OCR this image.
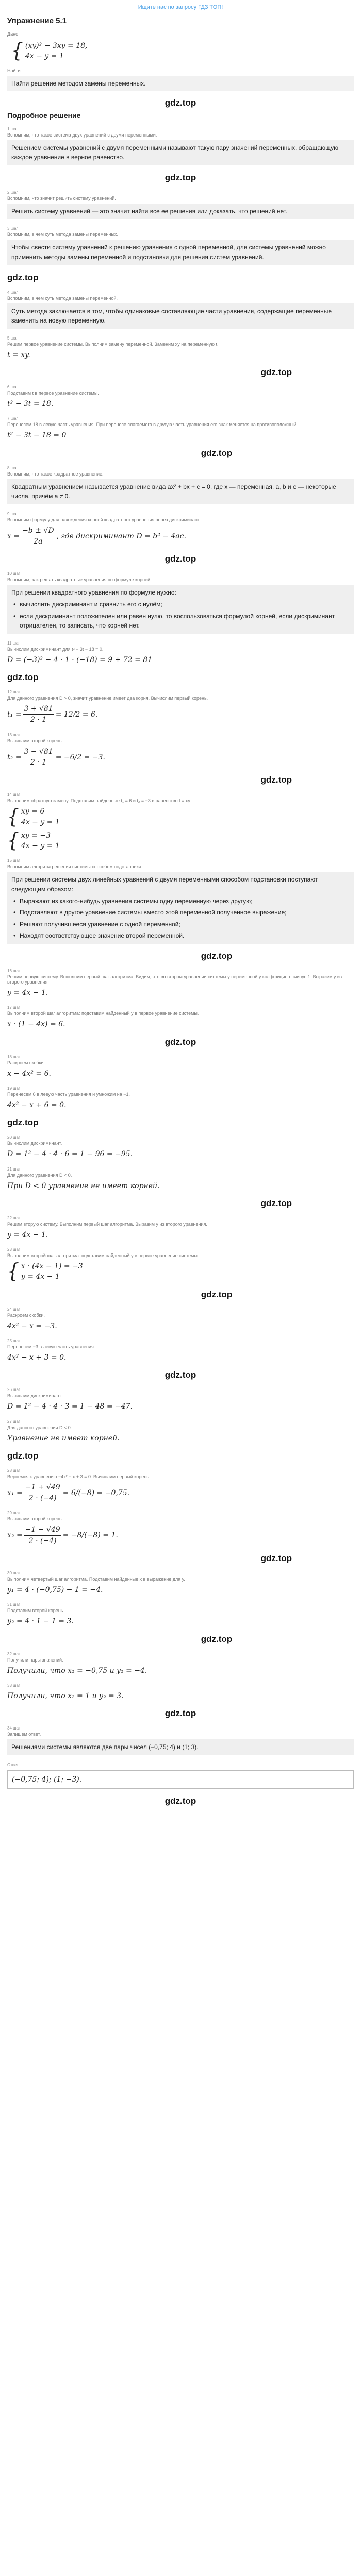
Ищите нас по запросу ГДЗ ТОП!
Упражнение 5.1
Дано
{ (xy)² − 3xy = 18,
4x − y = 1
Найти
Найти решение методом замены переменных.
gdz.top
Подробное решение
1 шаг
Вспомним, что такое система двух уравнений с двумя переменными.
Решением системы уравнений с двумя переменными называют такую пару значений переменных, обращающую каждое уравнение в верное равенство.
gdz.top
2 шаг
Вспомним, что значит решить систему уравнений.
Решить систему уравнений — это значит найти все ее решения или доказать, что решений нет.
3 шаг
Вспомним, в чем суть метода замены переменных.
Чтобы свести систему уравнений к решению уравнения с одной переменной, для системы уравнений можно применить методы замены переменной и подстановки для решения систем уравнений.
gdz.top
4 шаг
Вспомним, в чем суть метода замены переменной.
Суть метода заключается в том, чтобы одинаковые составляющие части уравнения, содержащие переменные заменить на новую переменную.
5 шаг
Решим первое уравнение системы. Выполним замену переменной. Заменим xy на переменную t.
t = xy.
gdz.top
6 шаг
Подставим t в первое уравнение системы.
t² − 3t = 18.
7 шаг
Перенесем 18 в левую часть уравнения. При переносе слагаемого в другую часть уравнения его знак меняется на противоположный.
t² − 3t − 18 = 0
gdz.top
8 шаг
Вспомним, что такое квадратное уравнение.
Квадратным уравнением называется уравнение вида ax² + bx + c = 0, где x — переменная, a, b и c — некоторые числа, причём a ≠ 0.
9 шаг
Вспомним формулу для нахождения корней квадратного уравнения через дискриминант.
$x = \frac{-b \pm √D}{2a}$ , где дискриминант D = b² − 4ac.
gdz.top
10 шаг
Вспомним, как решать квадратные уравнения по формуле корней.
При решении квадратного уравнения по формуле нужно:
• вычислить дискриминант и сравнить его с нулём;
• если дискриминант положителен или равен нулю, то воспользоваться формулой корней, если дискриминант отрицателен, то записать, что корней нет.
11 шаг
Вычислим дискриминант для t² − 3t − 18 = 0.
D = (−3)² − 4 · 1 · (−18) = 9 + 72 = 81
gdz.top
12 шаг
Для данного уравнения D > 0, значит уравнение имеет два корня. Вычислим первый корень.
$t_1 = \frac{3 + √81}{2 \cdot 1} = 12/2 = 6$.
13 шаг
Вычислим второй корень.
$t_2 = \frac{3 - √81}{2 \cdot 1} = -6/2 = -3$.
gdz.top
14 шаг
Выполним обратную замену. Подставим найденные t₁ = 6 и t₂ = −3 в равенство t = xy.
{ xy = 6
4x − y = 1
{ xy = −3
4x − y = 1
15 шаг
Вспомним алгоритм решения системы способом подстановки.
При решении системы двух линейных уравнений с двумя переменными способом подстановки поступают следующим образом:
• Выражают из какого-нибудь уравнения системы одну переменную через другую;
• Подставляют в другое уравнение системы вместо этой переменной полученное выражение;
• Решают получившееся уравнение с одной переменной;
• Находят соответствующее значение второй переменной.
gdz.top
16 шаг
Решим первую систему. Выполним первый шаг алгоритма. Видим, что во втором уравнении системы у переменной y коэффициент минус 1. Выразим y из второго уравнения.
y = 4x − 1.
17 шаг
Выполним второй шаг алгоритма: подставим найденный y в первое уравнение системы.
x · (1 − 4x) = 6.
gdz.top
18 шаг
Раскроем скобки.
x − 4x² = 6.
19 шаг
Перенесем 6 в левую часть уравнения и умножим на −1.
4x² − x + 6 = 0.
gdz.top
20 шаг
Вычислим дискриминант.
D = 1² − 4 · 4 · 6 = 1 − 96 = −95.
21 шаг
Для данного уравнения D < 0.
При D < 0 уравнение не имеет корней.
gdz.top
22 шаг
Решим вторую систему. Выполним первый шаг алгоритма. Выразим y из второго уравнения.
y = 4x − 1.
23 шаг
Выполним второй шаг алгоритма: подставим найденный y в первое уравнение системы.
{ x · (4x − 1) = −3
y = 4x − 1
gdz.top
24 шаг
Раскроем скобки.
4x² − x = −3.
25 шаг
Перенесем −3 в левую часть уравнения.
4x² − x + 3 = 0.
gdz.top
26 шаг
Вычислим дискриминант.
D = 1² − 4 · 4 · 3 = 1 − 48 = −47.
27 шаг
Для данного уравнения D < 0.
Уравнение не имеет корней.
gdz.top
28 шаг
Вернемся к уравнению −4x² − x + 3 = 0. Вычислим первый корень.
$x_1 = \frac{-1 + √49}{2 \cdot (-4)} = 6/(-8) = -0,75$.
29 шаг
Вычислим второй корень.
$x_2 = \frac{-1 - √49}{2 \cdot (-4)} = -8/(-8) = 1$.
gdz.top
30 шаг
Выполним четвертый шаг алгоритма. Подставим найденные x в выражение для y.
y₁ = 4 · (−0,75) − 1 = −4.
31 шаг
Подставим второй корень.
y₂ = 4 · 1 − 1 = 3.
gdz.top
32 шаг
Получили пары значений.
Получили, что x₁ = −0,75 и y₁ = −4.
33 шаг
Получили, что x₂ = 1 и y₂ = 3.
gdz.top
34 шаг
Запишем ответ.
Решениями системы являются две пары чисел (−0,75; 4) и (1; 3).
Ответ
(−0,75; 4); (1; −3).
gdz.top
